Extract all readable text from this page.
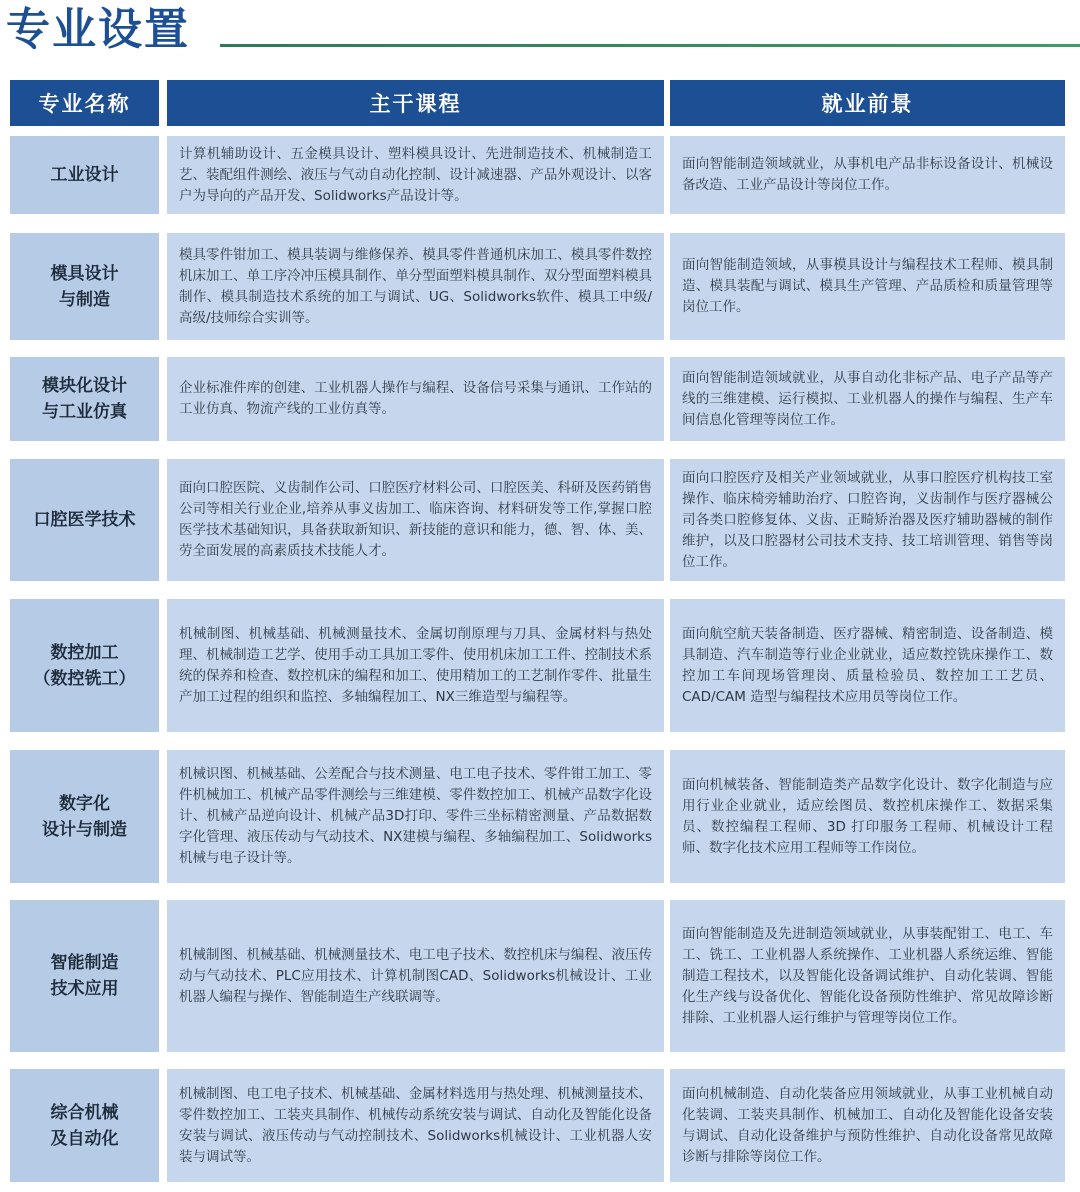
专业设置
专业名称	主干课程	就业前景
工业设计
计算机辅助设计、五金模具设计、塑料模具设计、先进制造技术、机械制造工艺、装配组件测绘、液压与气动自动化控制、设计减速器、产品外观设计、以客户为导向的产品开发、Solidworks产品设计等。
面向智能制造领域就业，从事机电产品非标设备设计、机械设备改造、工业产品设计等岗位工作。
模具设计
与制造
模具零件钳加工、模具装调与维修保养、模具零件普通机床加工、模具零件数控机床加工、单工序冷冲压模具制作、单分型面塑料模具制作、双分型面塑料模具制作、模具制造技术系统的加工与调试、UG、Solidworks软件、模具工中级/高级/技师综合实训等。
面向智能制造领域，从事模具设计与编程技术工程师、模具制造、模具装配与调试、模具生产管理、产品质检和质量管理等岗位工作。
模块化设计
与工业仿真
企业标准件库的创建、工业机器人操作与编程、设备信号采集与通讯、工作站的工业仿真、物流产线的工业仿真等。
面向智能制造领域就业，从事自动化非标产品、电子产品等产线的三维建模、运行模拟、工业机器人的操作与编程、生产车间信息化管理等岗位工作。
口腔医学技术
面向口腔医院、义齿制作公司、口腔医疗材料公司、口腔医美、科研及医药销售公司等相关行业企业,培养从事义齿加工、临床咨询、材料研发等工作,掌握口腔医学技术基础知识，具备获取新知识、新技能的意识和能力，德、智、体、美、劳全面发展的高素质技术技能人才。
面向口腔医疗及相关产业领域就业，从事口腔医疗机构技工室操作、临床椅旁辅助治疗、口腔咨询，义齿制作与医疗器械公司各类口腔修复体、义齿、正畸矫治器及医疗辅助器械的制作维护，以及口腔器材公司技术支持、技工培训管理、销售等岗位工作。
数控加工
（数控铣工）
机械制图、机械基础、机械测量技术、金属切削原理与刀具、金属材料与热处理、机械制造工艺学、使用手动工具加工零件、使用机床加工工件、控制技术系统的保养和检查、数控机床的编程和加工、使用精加工的工艺制作零件、批量生产加工过程的组织和监控、多轴编程加工、NX三维造型与编程等。
面向航空航天装备制造、医疗器械、精密制造、设备制造、模具制造、汽车制造等行业企业就业，适应数控铣床操作工、数控加工车间现场管理岗、质量检验员、数控加工工艺员、CAD/CAM 造型与编程技术应用员等岗位工作。
数字化
设计与制造
机械识图、机械基础、公差配合与技术测量、电工电子技术、零件钳工加工、零件机械加工、机械产品零件测绘与三维建模、零件数控加工、机械产品数字化设计、机械产品逆向设计、机械产品3D打印、零件三坐标精密测量、产品数据数字化管理、液压传动与气动技术、NX建模与编程、多轴编程加工、Solidworks机械与电子设计等。
面向机械装备、智能制造类产品数字化设计、数字化制造与应用行业企业就业，适应绘图员、数控机床操作工、数据采集员、数控编程工程师、3D 打印服务工程师、机械设计工程师、数字化技术应用工程师等工作岗位。
智能制造
技术应用
机械制图、机械基础、机械测量技术、电工电子技术、数控机床与编程、液压传动与气动技术、PLC应用技术、计算机制图CAD、Solidworks机械设计、工业机器人编程与操作、智能制造生产线联调等。
面向智能制造及先进制造领域就业，从事装配钳工、电工、车工、铣工、工业机器人系统操作、工业机器人系统运维、智能制造工程技术，以及智能化设备调试维护、自动化装调、智能化生产线与设备优化、智能化设备预防性维护、常见故障诊断排除、工业机器人运行维护与管理等岗位工作。
综合机械
及自动化
机械制图、电工电子技术、机械基础、金属材料选用与热处理、机械测量技术、零件数控加工、工装夹具制作、机械传动系统安装与调试、自动化及智能化设备安装与调试、液压传动与气动控制技术、Solidworks机械设计、工业机器人安装与调试等。
面向机械制造、自动化装备应用领域就业，从事工业机械自动化装调、工装夹具制作、机械加工、自动化及智能化设备安装与调试、自动化设备维护与预防性维护、自动化设备常见故障诊断与排除等岗位工作。
